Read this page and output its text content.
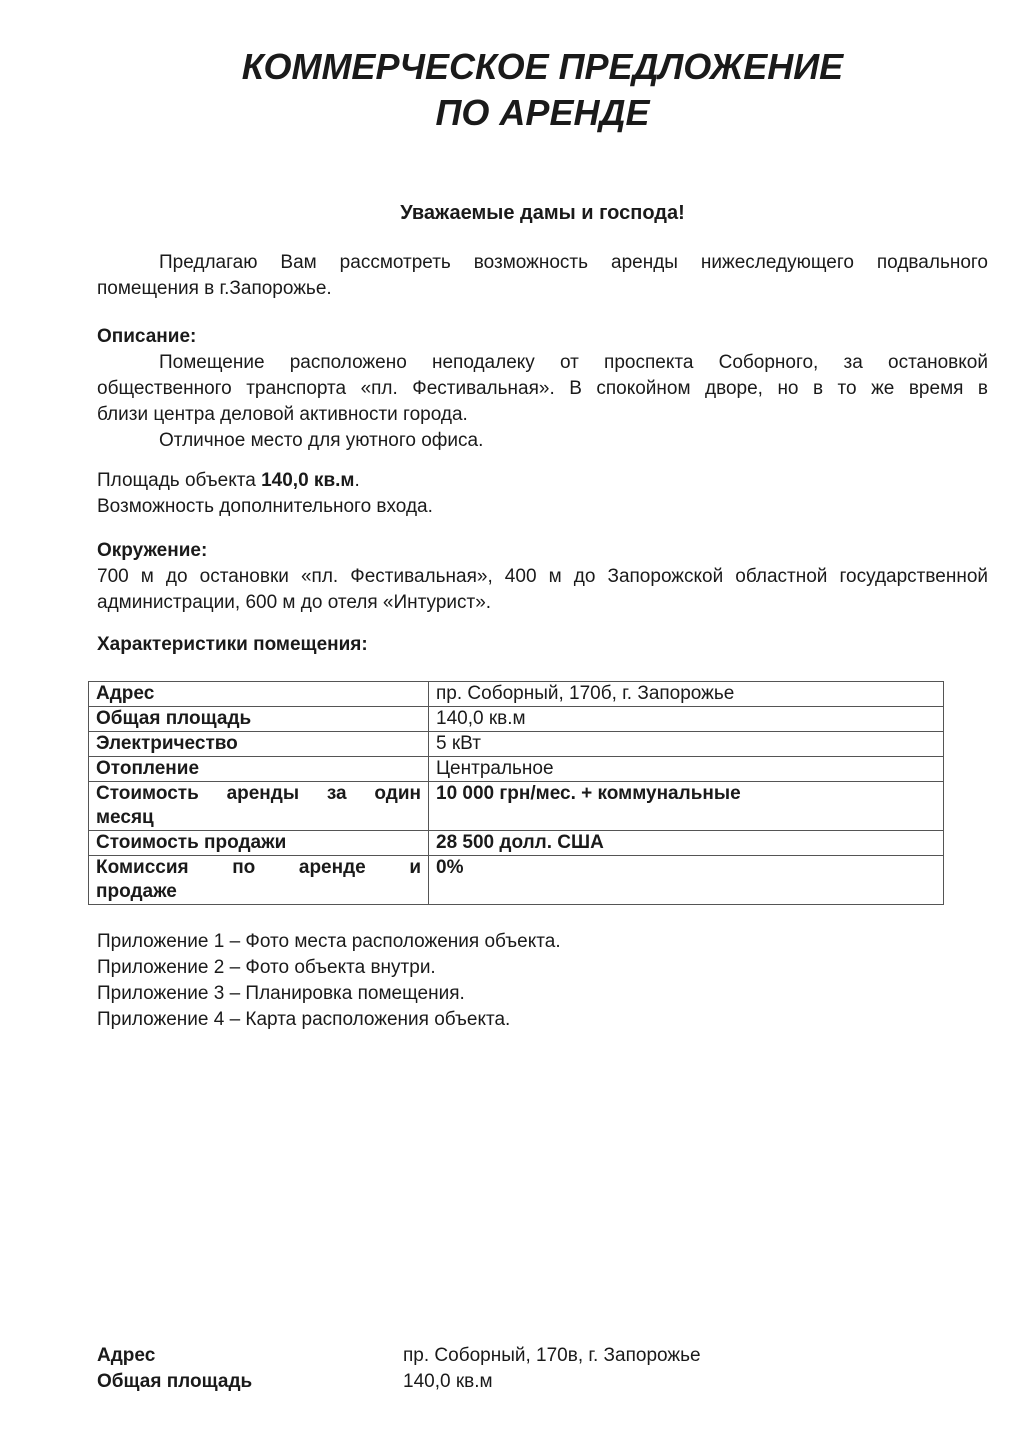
КОММЕРЧЕСКОЕ ПРЕДЛОЖЕНИЕ
ПО АРЕНДЕ
Уважаемые дамы и господа!
Предлагаю Вам рассмотреть возможность аренды нижеследующего подвального
помещения в г.Запорожье.
Описание:
Помещение расположено неподалеку от проспекта Соборного, за остановкой
общественного транспорта «пл. Фестивальная». В спокойном дворе, но в то же время в
близи центра деловой активности города.
Отличное место для уютного офиса.
Площадь объекта 140,0 кв.м.
Возможность дополнительного входа.
Окружение:
700 м до остановки «пл. Фестивальная», 400 м до Запорожской областной государственной
администрации, 600 м до отеля «Интурист».
Характеристики помещения:
Адрес	пр. Соборный, 170б, г. Запорожье
Общая площадь	140,0 кв.м
Электричество	5 кВт
Отопление	Центральное

Стоимость аренды за один
месяц	10 000 грн/мес. + коммунальные
Стоимость продажи	28 500 долл. США

Комиссия по аренде и
продаже	0%
Приложение 1 – Фото места расположения объекта.
Приложение 2 – Фото объекта внутри.
Приложение 3 – Планировка помещения.
Приложение 4 – Карта расположения объекта.
Адрес	пр. Соборный, 170в, г. Запорожье
Общая площадь	140,0 кв.м
